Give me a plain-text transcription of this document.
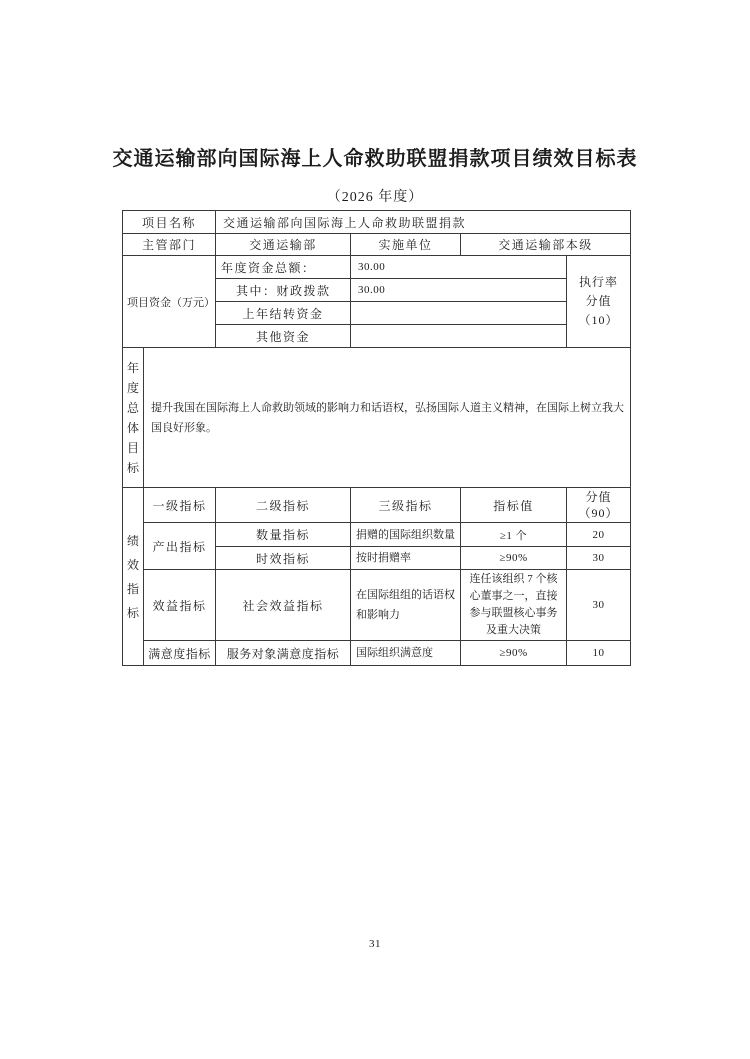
交通运输部向国际海上人命救助联盟捐款项目绩效目标表
（2026 年度）
项目名称		交通运输部向国际海上人命救助联盟捐款			
主管部门		交通运输部	实施单位	交通运输部本级	
项目资金（万元）		年度资金总额：	30.00		执行率
分值（10）

		其中：财政拨款	30.00		
		上年结转资金			
		其他资金			

年度总体目标	提升我国在国际海上人命救助领域的影响力和话语权，弘扬国际人道主义精神，在国际上树立我大国良好形象。				

绩效指标	一级指标	二级指标	三级指标	指标值	分值
（90）

	产出指标	数量指标	捐赠的国际组织数量	≥1 个	20
		时效指标	按时捐赠率	≥90%	30
	效益指标	社会效益指标	在国际组组的话语权和影响力	连任该组织 7 个核心董事之一，直接参与联盟核心事务及重大决策	30
	满意度指标	服务对象满意度指标	国际组织满意度	≥90%	10
31
